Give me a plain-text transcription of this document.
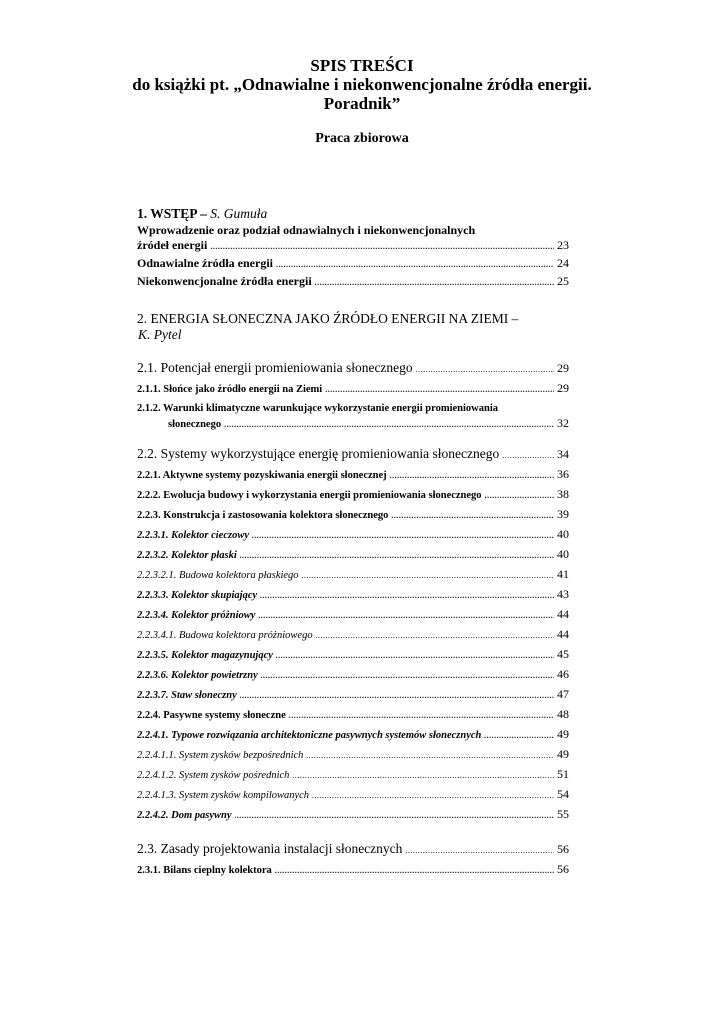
SPIS TREŚCI

do książki pt. „Odnawialne i niekonwencjonalne źródła energii.

Poradnik”

Praca zbiorowa
1. WSTĘP – S. Gumuła
Wprowadzenie oraz podział odnawialnych i niekonwencjonalnych
źródeł energii .....	23
Odnawialne źródła energii .....	24
Niekonwencjonalne źródła energii .....	25
2. ENERGIA SŁONECZNA JAKO ŹRÓDŁO ENERGII NA ZIEMI –
K. Pytel
2.1. Potencjał energii promieniowania słonecznego .....	29
2.1.1. Słońce jako źródło energii na Ziemi .....	29
2.1.2. Warunki klimatyczne warunkujące wykorzystanie energii promieniowania
słonecznego .....	32
2.2. Systemy wykorzystujące energię promieniowania słonecznego .....	34
2.2.1. Aktywne systemy pozyskiwania energii słonecznej .....	36
2.2.2. Ewolucja budowy i wykorzystania energii promieniowania słonecznego .....	38
2.2.3. Konstrukcja i zastosowania kolektora słonecznego .....	39
2.2.3.1. Kolektor cieczowy .....	40
2.2.3.2. Kolektor płaski .....	40
2.2.3.2.1. Budowa kolektora płaskiego .....	41
2.2.3.3. Kolektor skupiający .....	43
2.2.3.4. Kolektor próżniowy .....	44
2.2.3.4.1. Budowa kolektora próżniowego .....	44
2.2.3.5. Kolektor magazynujący .....	45
2.2.3.6. Kolektor powietrzny .....	46
2.2.3.7. Staw słoneczny .....	47
2.2.4. Pasywne systemy słoneczne .....	48
2.2.4.1. Typowe rozwiązania architektoniczne pasywnych systemów słonecznych .....	49
2.2.4.1.1. System zysków bezpośrednich .....	49
2.2.4.1.2. System zysków pośrednich .....	51
2.2.4.1.3. System zysków kompilowanych .....	54
2.2.4.2. Dom pasywny .....	55
2.3. Zasady projektowania instalacji słonecznych .....	56
2.3.1. Bilans cieplny kolektora .....	56
